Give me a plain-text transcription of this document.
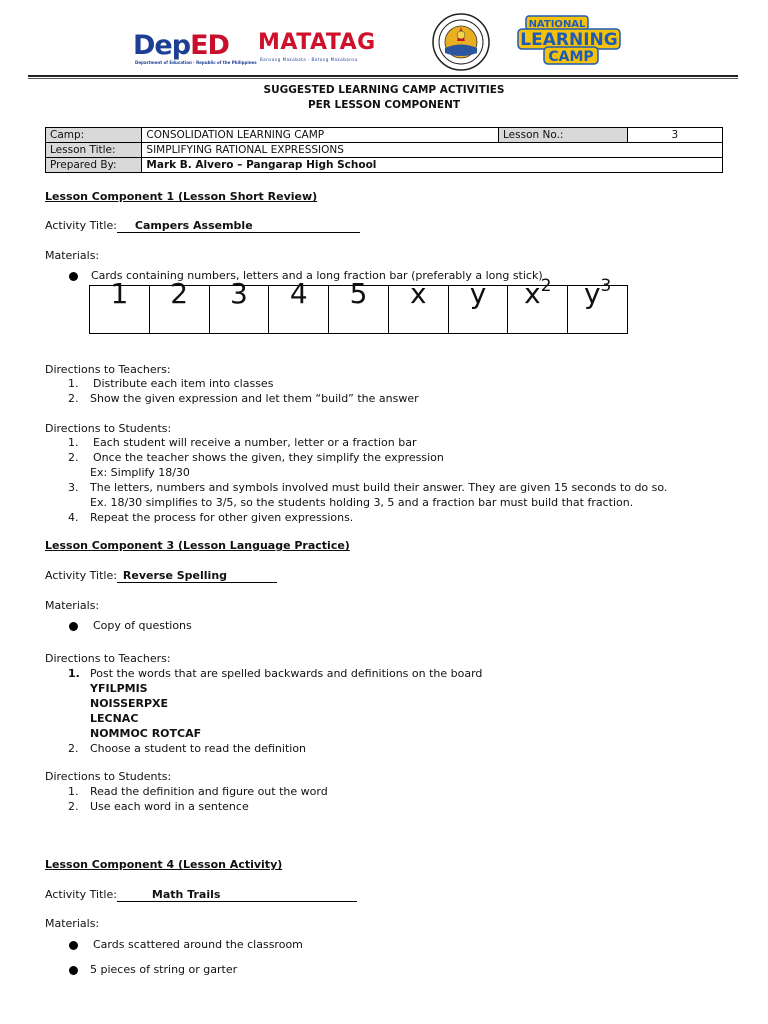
DepED
Department of Education · Republic of the Philippines
MATATAG
Bansang Makabata · Batang Makabansa
NATIONAL
LEARNING
CAMP
SUGGESTED LEARNING CAMP ACTIVITIES
PER LESSON COMPONENT
Camp:	CONSOLIDATION LEARNING CAMP	Lesson No.:	3
Lesson Title:	SIMPLIFYING RATIONAL EXPRESSIONS		
Prepared By:	Mark B. Alvero – Pangarap High School		
Lesson Component 1 (Lesson Short Review)
Activity Title: Campers Assemble
Materials:
Cards containing numbers, letters and a long fraction bar (preferably a long stick)
1	2	3	4	5	x	y	$x^2$	$y^3$
Directions to Teachers:
1. Distribute each item into classes
2. Show the given expression and let them “build” the answer
Directions to Students:
1. Each student will receive a number, letter or a fraction bar
2. Once the teacher shows the given, they simplify the expression
Ex: Simplify 18/30
3. The letters, numbers and symbols involved must build their answer. They are given 15 seconds to do so.
Ex. 18/30 simplifies to 3/5, so the students holding 3, 5 and a fraction bar must build that fraction.
4. Repeat the process for other given expressions.
Lesson Component 3 (Lesson Language Practice)
Activity Title: Reverse Spelling
Materials:
Copy of questions
Directions to Teachers:
1. Post the words that are spelled backwards and definitions on the board
YFILPMIS
NOISSERPXE
LECNAC
NOMMOC ROTCAF
2. Choose a student to read the definition
Directions to Students:
1. Read the definition and figure out the word
2. Use each word in a sentence
Lesson Component 4 (Lesson Activity)
Activity Title:	Math Trails
Materials:
Cards scattered around the classroom
5 pieces of string or garter
